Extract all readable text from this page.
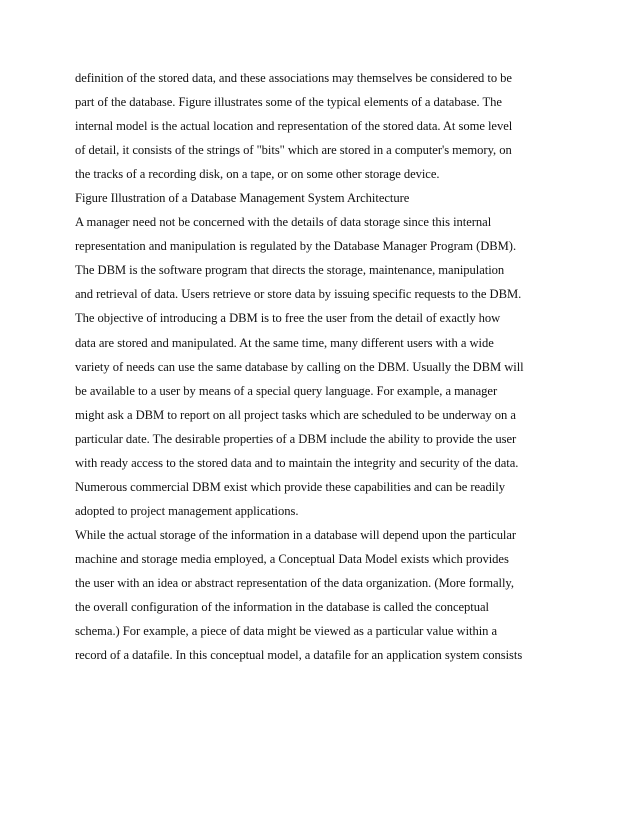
definition of the stored data, and these associations may themselves be considered to be
part of the database. Figure illustrates some of the typical elements of a database. The
internal model is the actual location and representation of the stored data. At some level
of detail, it consists of the strings of "bits" which are stored in a computer's memory, on
the tracks of a recording disk, on a tape, or on some other storage device.
Figure Illustration of a Database Management System Architecture
A manager need not be concerned with the details of data storage since this internal
representation and manipulation is regulated by the Database Manager Program (DBM).
The DBM is the software program that directs the storage, maintenance, manipulation
and retrieval of data. Users retrieve or store data by issuing specific requests to the DBM.
The objective of introducing a DBM is to free the user from the detail of exactly how
data are stored and manipulated. At the same time, many different users with a wide
variety of needs can use the same database by calling on the DBM. Usually the DBM will
be available to a user by means of a special query language. For example, a manager
might ask a DBM to report on all project tasks which are scheduled to be underway on a
particular date. The desirable properties of a DBM include the ability to provide the user
with ready access to the stored data and to maintain the integrity and security of the data.
Numerous commercial DBM exist which provide these capabilities and can be readily
adopted to project management applications.
While the actual storage of the information in a database will depend upon the particular
machine and storage media employed, a Conceptual Data Model exists which provides
the user with an idea or abstract representation of the data organization. (More formally,
the overall configuration of the information in the database is called the conceptual
schema.) For example, a piece of data might be viewed as a particular value within a
record of a datafile. In this conceptual model, a datafile for an application system consists
